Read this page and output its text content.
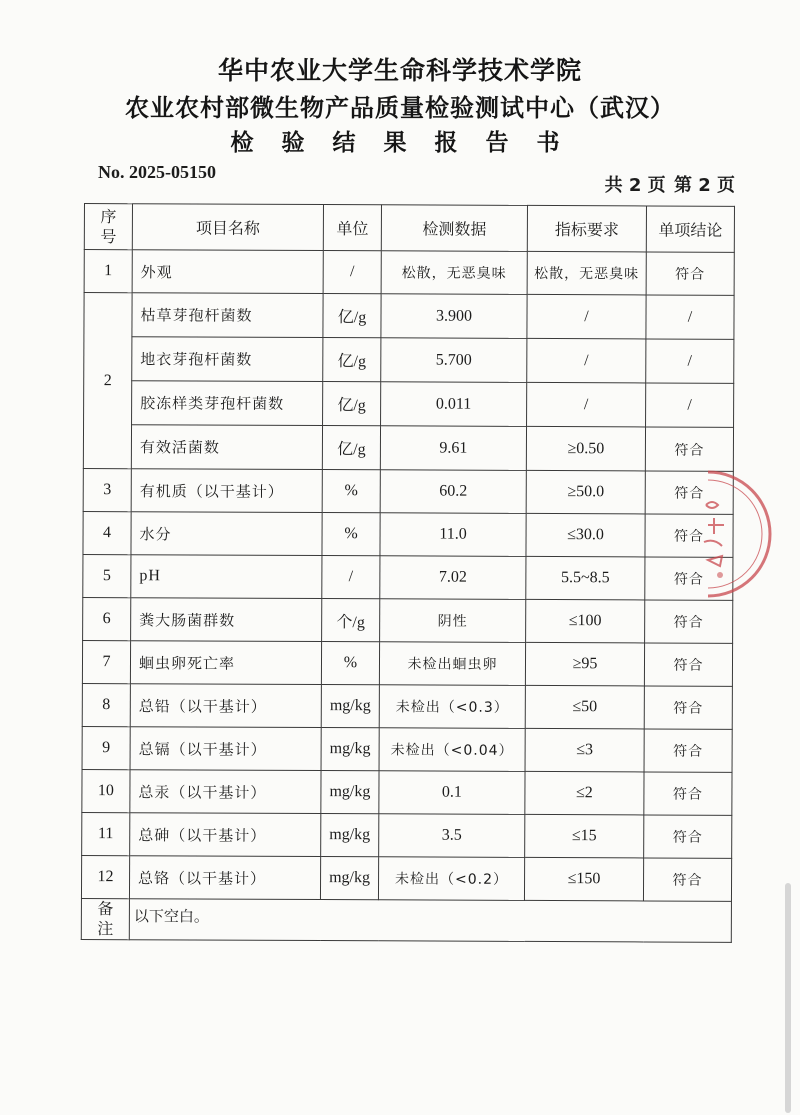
华中农业大学生命科学技术学院
农业农村部微生物产品质量检验测试中心（武汉）
检 验 结 果 报 告 书
No. 2025-05150
共 2 页 第 2 页
序号	项目名称	单位	检测数据	指标要求	单项结论
1	外观	/	松散，无恶臭味	松散，无恶臭味	符合
2	枯草芽孢杆菌数	亿/g	3.900	/	/
	地衣芽孢杆菌数	亿/g	5.700	/	/
	胶冻样类芽孢杆菌数	亿/g	0.011	/	/
	有效活菌数	亿/g	9.61	≥0.50	符合
3	有机质（以干基计）	%	60.2	≥50.0	符合
4	水分	%	11.0	≤30.0	符合
5	pH	/	7.02	5.5~8.5	符合
6	粪大肠菌群数	个/g	阴性	≤100	符合
7	蛔虫卵死亡率	%	未检出蛔虫卵	≥95	符合
8	总铅（以干基计）	mg/kg	未检出（<0.3）	≤50	符合
9	总镉（以干基计）	mg/kg	未检出（<0.04）	≤3	符合
10	总汞（以干基计）	mg/kg	0.1	≤2	符合
11	总砷（以干基计）	mg/kg	3.5	≤15	符合
12	总铬（以干基计）	mg/kg	未检出（<0.2）	≤150	符合
备注	以下空白。				
